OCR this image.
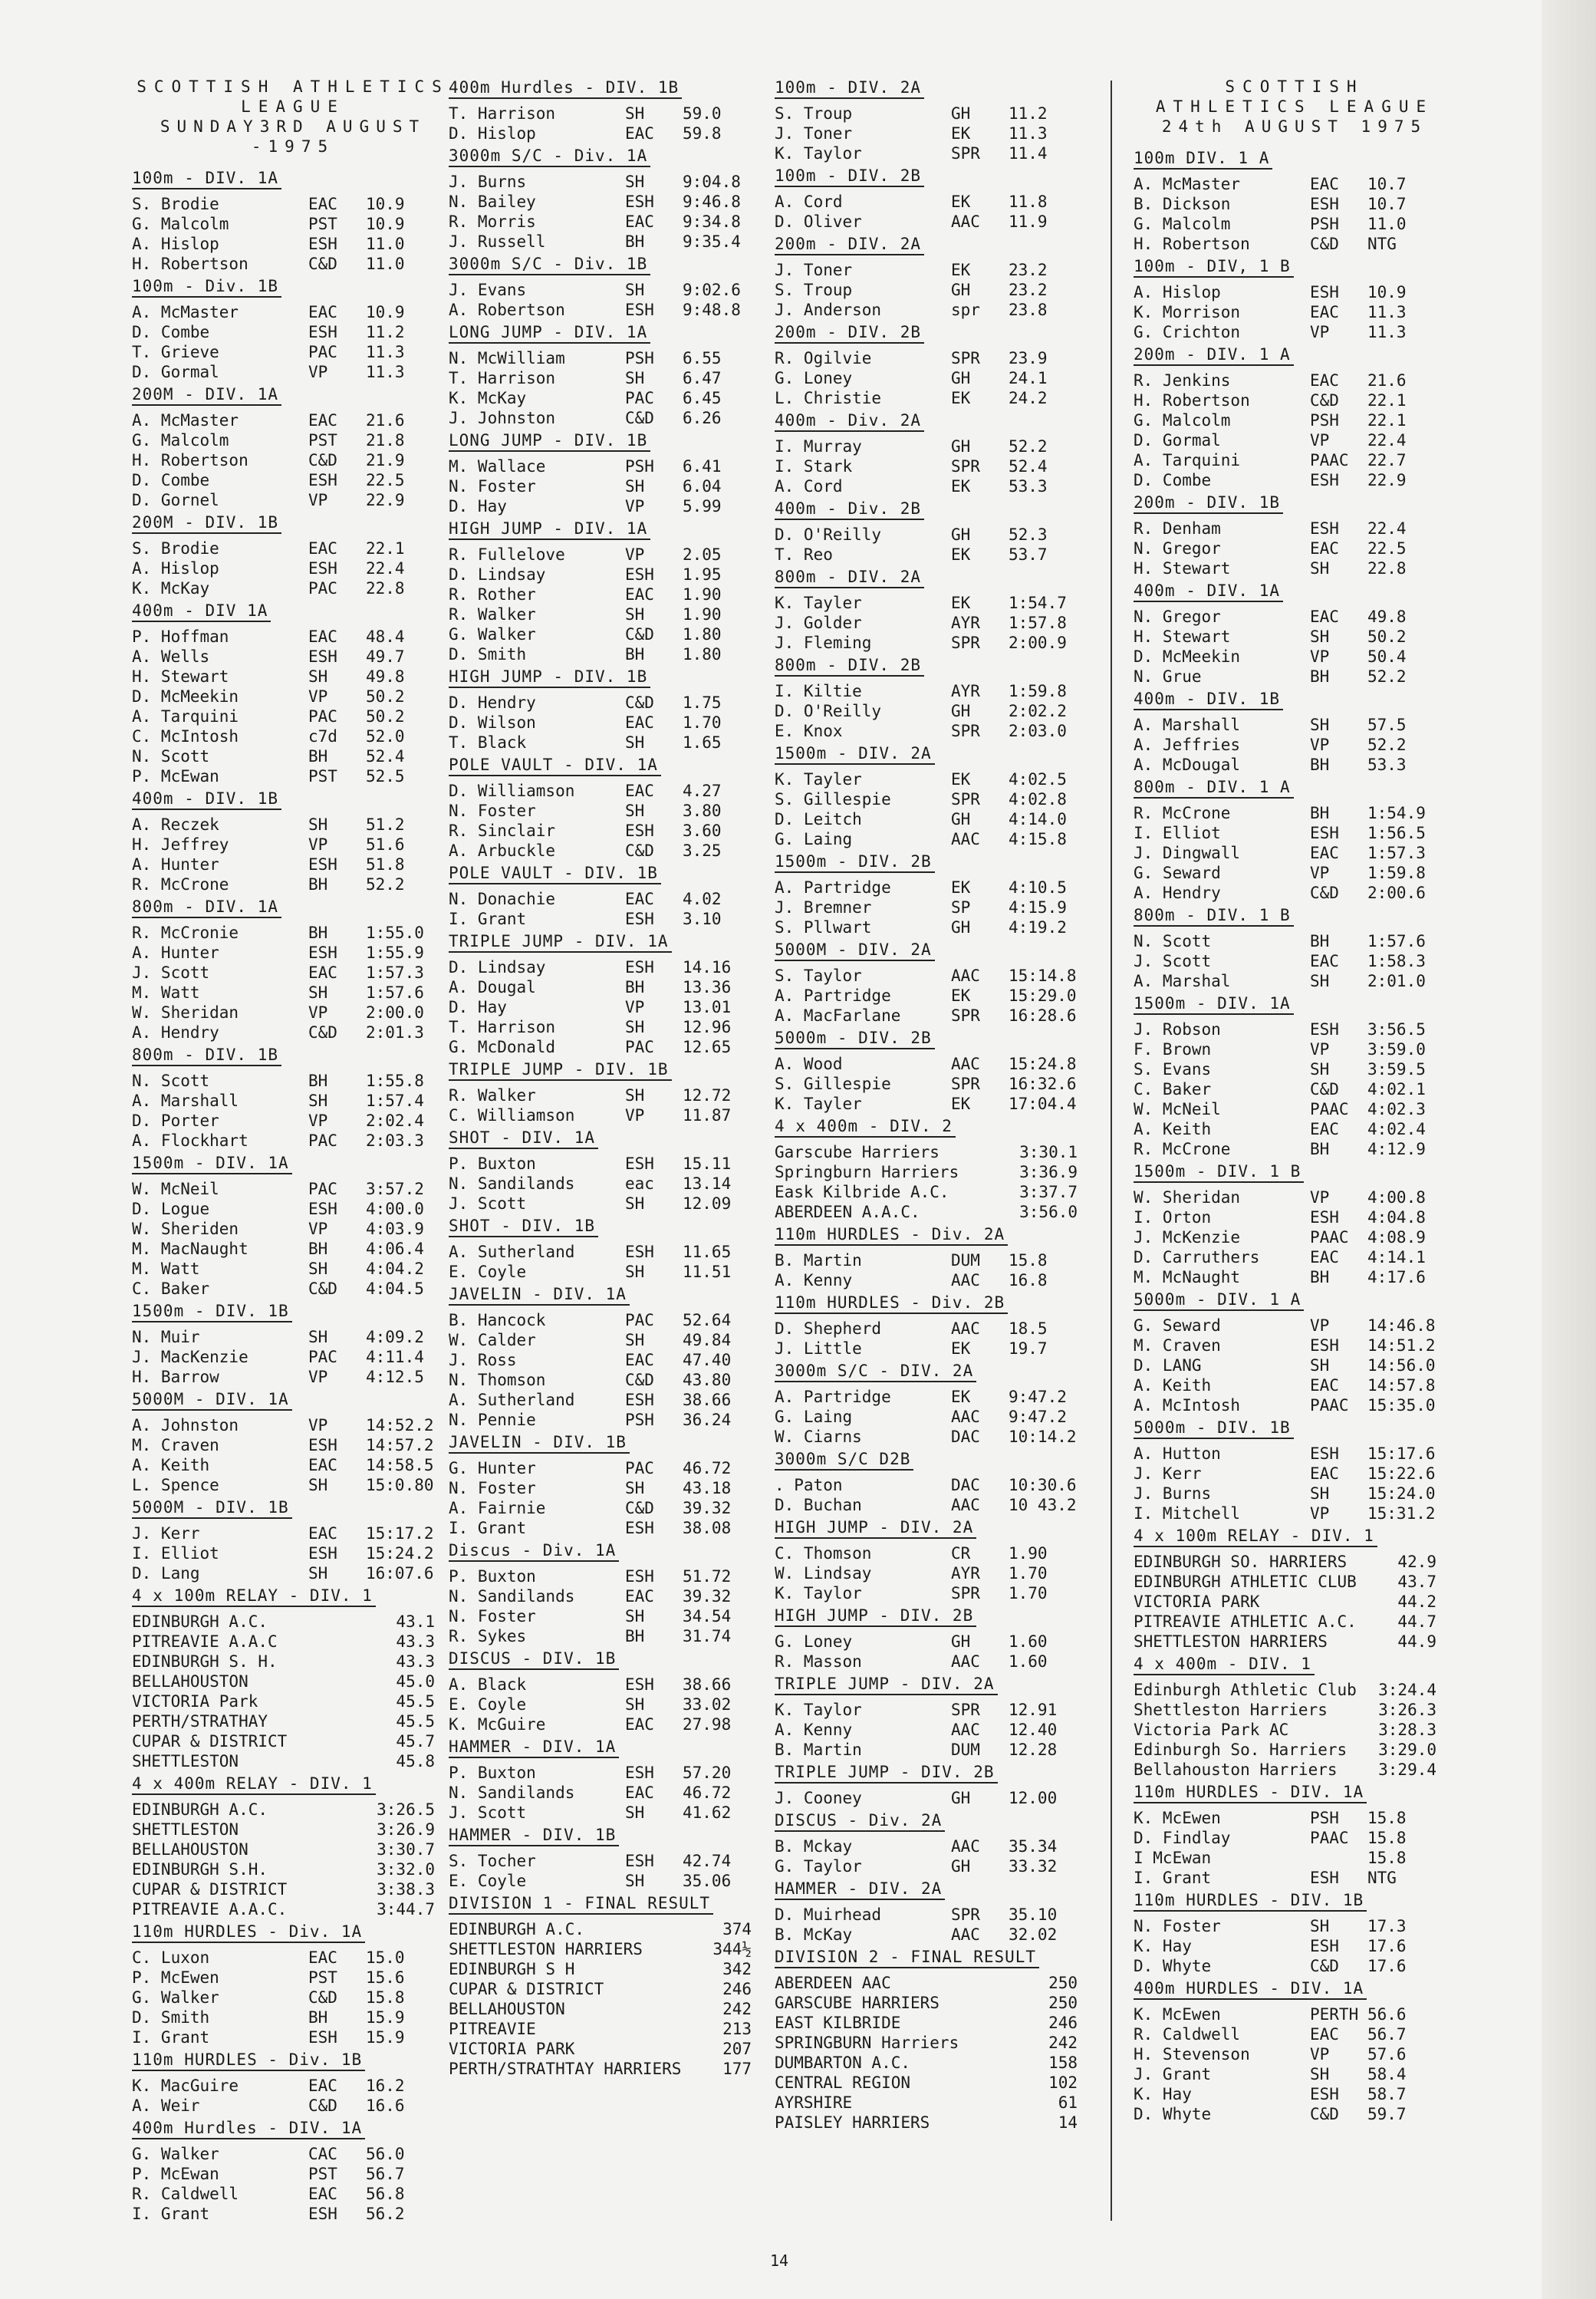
SCOTTISH ATHLETICS LEAGUE
SUNDAY3RD AUGUST -1975
100m - DIV. 1A
S. Brodie	EAC	10.9
G. Malcolm	PST	10.9
A. Hislop	ESH	11.0
H. Robertson	C&D	11.0
100m - Div. 1B
A. McMaster	EAC	10.9
D. Combe	ESH	11.2
T. Grieve	PAC	11.3
D. Gormal	VP	11.3
200M - DIV. 1A
A. McMaster	EAC	21.6
G. Malcolm	PST	21.8
H. Robertson	C&D	21.9
D. Combe	ESH	22.5
D. Gornel	VP	22.9
200M - DIV. 1B
S. Brodie	EAC	22.1
A. Hislop	ESH	22.4
K. McKay	PAC	22.8
400m - DIV 1A
P. Hoffman	EAC	48.4
A. Wells	ESH	49.7
H. Stewart	SH	49.8
D. McMeekin	VP	50.2
A. Tarquini	PAC	50.2
C. McIntosh	c7d	52.0
N. Scott	BH	52.4
P. McEwan	PST	52.5
400m - DIV. 1B
A. Reczek	SH	51.2
H. Jeffrey	VP	51.6
A. Hunter	ESH	51.8
R. McCrone	BH	52.2
800m - DIV. 1A
R. McCronie	BH	1:55.0
A. Hunter	ESH	1:55.9
J. Scott	EAC	1:57.3
M. Watt	SH	1:57.6
W. Sheridan	VP	2:00.0
A. Hendry	C&D	2:01.3
800m - DIV. 1B
N. Scott	BH	1:55.8
A. Marshall	SH	1:57.4
D. Porter	VP	2:02.4
A. Flockhart	PAC	2:03.3
1500m - DIV. 1A
W. McNeil	PAC	3:57.2
D. Logue	ESH	4:00.0
W. Sheriden	VP	4:03.9
M. MacNaught	BH	4:06.4
M. Watt	SH	4:04.2
C. Baker	C&D	4:04.5
1500m - DIV. 1B
N. Muir	SH	4:09.2
J. MacKenzie	PAC	4:11.4
H. Barrow	VP	4:12.5
5000M - DIV. 1A
A. Johnston	VP	14:52.2
M. Craven	ESH	14:57.2
A. Keith	EAC	14:58.5
L. Spence	SH	15:0.80
5000M - DIV. 1B
J. Kerr	EAC	15:17.2
I. Elliot	ESH	15:24.2
D. Lang	SH	16:07.6
4 x 100m RELAY - DIV. 1
EDINBURGH A.C.	43.1
PITREAVIE A.A.C	43.3
EDINBURGH S. H.	43.3
BELLAHOUSTON	45.0
VICTORIA Park	45.5
PERTH/STRATHAY	45.5
CUPAR & DISTRICT	45.7
SHETTLESTON	45.8
4 x 400m RELAY - DIV. 1
EDINBURGH A.C.	3:26.5
SHETTLESTON	3:26.9
BELLAHOUSTON	3:30.7
EDINBURGH S.H.	3:32.0
CUPAR & DISTRICT	3:38.3
PITREAVIE A.A.C.	3:44.7
110m HURDLES - Div. 1A
C. Luxon	EAC	15.0
P. McEwen	PST	15.6
G. Walker	C&D	15.8
D. Smith	BH	15.9
I. Grant	ESH	15.9
110m HURDLES - Div. 1B
K. MacGuire	EAC	16.2
A. Weir	C&D	16.6
400m Hurdles - DIV. 1A
G. Walker	CAC	56.0
P. McEwan	PST	56.7
R. Caldwell	EAC	56.8
I. Grant	ESH	56.2
400m Hurdles - DIV. 1B
T. Harrison	SH	59.0
D. Hislop	EAC	59.8
3000m S/C - Div. 1A
J. Burns	SH	9:04.8
N. Bailey	ESH	9:46.8
R. Morris	EAC	9:34.8
J. Russell	BH	9:35.4
3000m S/C - Div. 1B
J. Evans	SH	9:02.6
A. Robertson	ESH	9:48.8
LONG JUMP - DIV. 1A
N. McWilliam	PSH	6.55
T. Harrison	SH	6.47
K. McKay	PAC	6.45
J. Johnston	C&D	6.26
LONG JUMP - DIV. 1B
M. Wallace	PSH	6.41
N. Foster	SH	6.04
D. Hay	VP	5.99
HIGH JUMP - DIV. 1A
R. Fullelove	VP	2.05
D. Lindsay	ESH	1.95
R. Rother	EAC	1.90
R. Walker	SH	1.90
G. Walker	C&D	1.80
D. Smith	BH	1.80
HIGH JUMP - DIV. 1B
D. Hendry	C&D	1.75
D. Wilson	EAC	1.70
T. Black	SH	1.65
POLE VAULT - DIV. 1A
D. Williamson	EAC	4.27
N. Foster	SH	3.80
R. Sinclair	ESH	3.60
A. Arbuckle	C&D	3.25
POLE VAULT - DIV. 1B
N. Donachie	EAC	4.02
I. Grant	ESH	3.10
TRIPLE JUMP - DIV. 1A
D. Lindsay	ESH	14.16
A. Dougal	BH	13.36
D. Hay	VP	13.01
T. Harrison	SH	12.96
G. McDonald	PAC	12.65
TRIPLE JUMP - DIV. 1B
R. Walker	SH	12.72
C. Williamson	VP	11.87
SHOT - DIV. 1A
P. Buxton	ESH	15.11
N. Sandilands	eac	13.14
J. Scott	SH	12.09
SHOT - DIV. 1B
A. Sutherland	ESH	11.65
E. Coyle	SH	11.51
JAVELIN - DIV. 1A
B. Hancock	PAC	52.64
W. Calder	SH	49.84
J. Ross	EAC	47.40
N. Thomson	C&D	43.80
A. Sutherland	ESH	38.66
N. Pennie	PSH	36.24
JAVELIN - DIV. 1B
G. Hunter	PAC	46.72
N. Foster	SH	43.18
A. Fairnie	C&D	39.32
I. Grant	ESH	38.08
Discus - Div. 1A
P. Buxton	ESH	51.72
N. Sandilands	EAC	39.32
N. Foster	SH	34.54
R. Sykes	BH	31.74
DISCUS - DIV. 1B
A. Black	ESH	38.66
E. Coyle	SH	33.02
K. McGuire	EAC	27.98
HAMMER - DIV. 1A
P. Buxton	ESH	57.20
N. Sandilands	EAC	46.72
J. Scott	SH	41.62
HAMMER - DIV. 1B
S. Tocher	ESH	42.74
E. Coyle	SH	35.06
DIVISION 1 - FINAL RESULT
EDINBURGH A.C.	374
SHETTLESTON HARRIERS	344½
EDINBURGH S H	342
CUPAR & DISTRICT	246
BELLAHOUSTON	242
PITREAVIE	213
VICTORIA PARK	207
PERTH/STRATHTAY HARRIERS	177
100m - DIV. 2A
S. Troup	GH	11.2
J. Toner	EK	11.3
K. Taylor	SPR	11.4
100m - DIV. 2B
A. Cord	EK	11.8
D. Oliver	AAC	11.9
200m - DIV. 2A
J. Toner	EK	23.2
S. Troup	GH	23.2
J. Anderson	spr	23.8
200m - DIV. 2B
R. Ogilvie	SPR	23.9
G. Loney	GH	24.1
L. Christie	EK	24.2
400m - Div. 2A
I. Murray	GH	52.2
I. Stark	SPR	52.4
A. Cord	EK	53.3
400m - Div. 2B
D. O'Reilly	GH	52.3
T. Reo	EK	53.7
800m - DIV. 2A
K. Tayler	EK	1:54.7
J. Golder	AYR	1:57.8
J. Fleming	SPR	2:00.9
800m - DIV. 2B
I. Kiltie	AYR	1:59.8
D. O'Reilly	GH	2:02.2
E. Knox	SPR	2:03.0
1500m - DIV. 2A
K. Tayler	EK	4:02.5
S. Gillespie	SPR	4:02.8
D. Leitch	GH	4:14.0
G. Laing	AAC	4:15.8
1500m - DIV. 2B
A. Partridge	EK	4:10.5
J. Bremner	SP	4:15.9
S. Pllwart	GH	4:19.2
5000M - DIV. 2A
S. Taylor	AAC	15:14.8
A. Partridge	EK	15:29.0
A. MacFarlane	SPR	16:28.6
5000m - DIV. 2B
A. Wood	AAC	15:24.8
S. Gillespie	SPR	16:32.6
K. Tayler	EK	17:04.4
4 x 400m - DIV. 2
Garscube Harriers	3:30.1
Springburn Harriers	3:36.9
Eask Kilbride A.C.	3:37.7
ABERDEEN A.A.C.	3:56.0
110m HURDLES - Div. 2A
B. Martin	DUM	15.8
A. Kenny	AAC	16.8
110m HURDLES - Div. 2B
D. Shepherd	AAC	18.5
J. Little	EK	19.7
3000m S/C - DIV. 2A
A. Partridge	EK	9:47.2
G. Laing	AAC	9:47.2
W. Ciarns	DAC	10:14.2
3000m S/C D2B
. Paton	DAC	10:30.6
D. Buchan	AAC	10 43.2
HIGH JUMP - DIV. 2A
C. Thomson	CR	1.90
W. Lindsay	AYR	1.70
K. Taylor	SPR	1.70
HIGH JUMP - DIV. 2B
G. Loney	GH	1.60
R. Masson	AAC	1.60
TRIPLE JUMP - DIV. 2A
K. Taylor	SPR	12.91
A. Kenny	AAC	12.40
B. Martin	DUM	12.28
TRIPLE JUMP - DIV. 2B
J. Cooney	GH	12.00
DISCUS - Div. 2A
B. Mckay	AAC	35.34
G. Taylor	GH	33.32
HAMMER - DIV. 2A
D. Muirhead	SPR	35.10
B. McKay	AAC	32.02
DIVISION 2 - FINAL RESULT
ABERDEEN AAC	250
GARSCUBE HARRIERS	250
EAST KILBRIDE	246
SPRINGBURN Harriers	242
DUMBARTON A.C.	158
CENTRAL REGION	102
AYRSHIRE	61
PAISLEY HARRIERS	14
SCOTTISH
ATHLETICS LEAGUE
24th AUGUST 1975
100m DIV. 1 A
A. McMaster	EAC	10.7
B. Dickson	ESH	10.7
G. Malcolm	PSH	11.0
H. Robertson	C&D	NTG
100m - DIV, 1 B
A. Hislop	ESH	10.9
K. Morrison	EAC	11.3
G. Crichton	VP	11.3
200m - DIV. 1 A
R. Jenkins	EAC	21.6
H. Robertson	C&D	22.1
G. Malcolm	PSH	22.1
D. Gormal	VP	22.4
A. Tarquini	PAAC	22.7
D. Combe	ESH	22.9
200m - DIV. 1B
R. Denham	ESH	22.4
N. Gregor	EAC	22.5
H. Stewart	SH	22.8
400m - DIV. 1A
N. Gregor	EAC	49.8
H. Stewart	SH	50.2
D. McMeekin	VP	50.4
N. Grue	BH	52.2
400m - DIV. 1B
A. Marshall	SH	57.5
A. Jeffries	VP	52.2
A. McDougal	BH	53.3
800m - DIV. 1 A
R. McCrone	BH	1:54.9
I. Elliot	ESH	1:56.5
J. Dingwall	EAC	1:57.3
G. Seward	VP	1:59.8
A. Hendry	C&D	2:00.6
800m - DIV. 1 B
N. Scott	BH	1:57.6
J. Scott	EAC	1:58.3
A. Marshal	SH	2:01.0
1500m - DIV. 1A
J. Robson	ESH	3:56.5
F. Brown	VP	3:59.0
S. Evans	SH	3:59.5
C. Baker	C&D	4:02.1
W. McNeil	PAAC	4:02.3
A. Keith	EAC	4:02.4
R. McCrone	BH	4:12.9
1500m - DIV. 1 B
W. Sheridan	VP	4:00.8
I. Orton	ESH	4:04.8
J. McKenzie	PAAC	4:08.9
D. Carruthers	EAC	4:14.1
M. McNaught	BH	4:17.6
5000m - DIV. 1 A
G. Seward	VP	14:46.8
M. Craven	ESH	14:51.2
D. LANG	SH	14:56.0
A. Keith	EAC	14:57.8
A. McIntosh	PAAC	15:35.0
5000m - DIV. 1B
A. Hutton	ESH	15:17.6
J. Kerr	EAC	15:22.6
J. Burns	SH	15:24.0
I. Mitchell	VP	15:31.2
4 x 100m RELAY - DIV. 1
EDINBURGH SO. HARRIERS	42.9
EDINBURGH ATHLETIC CLUB	43.7
VICTORIA PARK	44.2
PITREAVIE ATHLETIC A.C.	44.7
SHETTLESTON HARRIERS	44.9
4 x 400m - DIV. 1
Edinburgh Athletic Club	3:24.4
Shettleston Harriers	3:26.3
Victoria Park AC	3:28.3
Edinburgh So. Harriers	3:29.0
Bellahouston Harriers	3:29.4
110m HURDLES - DIV. 1A
K. McEwen	PSH	15.8
D. Findlay	PAAC	15.8
I McEwan	15.8
I. Grant	ESH	NTG
110m HURDLES - DIV. 1B
N. Foster	SH	17.3
K. Hay	ESH	17.6
D. Whyte	C&D	17.6
400m HURDLES - DIV. 1A
K. McEwen	PERTH 56.6
R. Caldwell	EAC	56.7
H. Stevenson	VP	57.6
J. Grant	SH	58.4
K. Hay	ESH	58.7
D. Whyte	C&D	59.7
14
